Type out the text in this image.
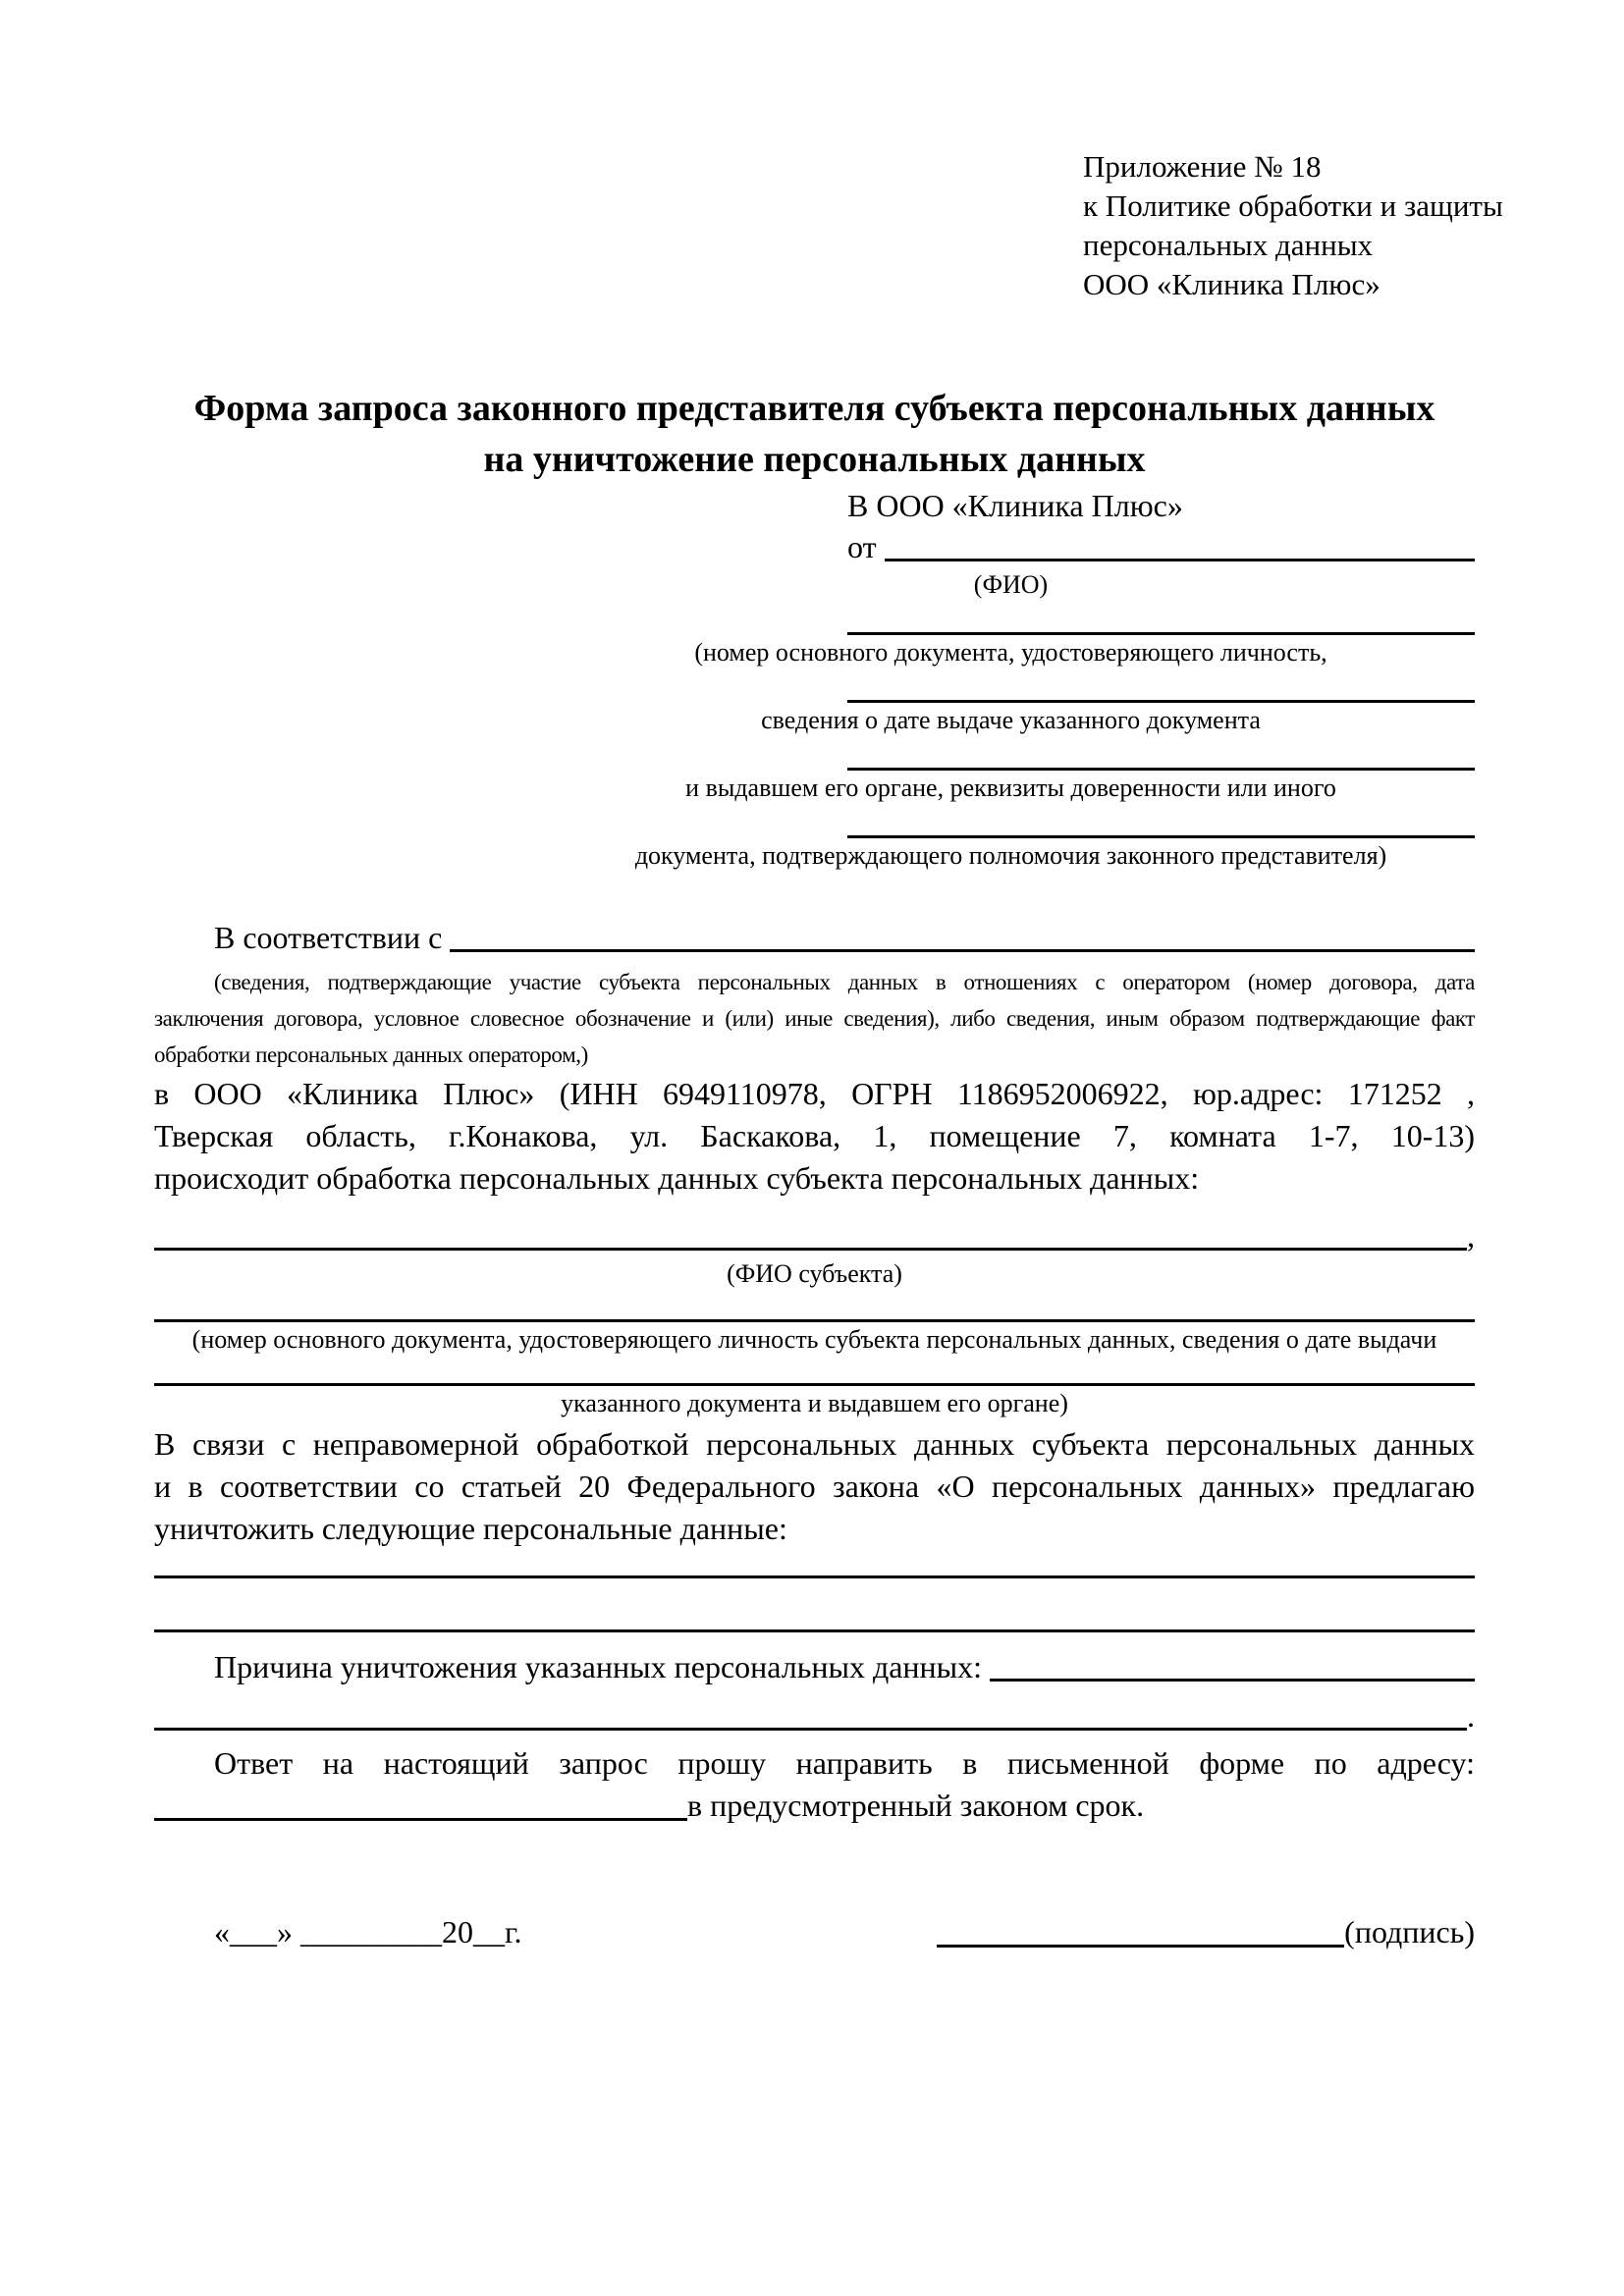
Приложение № 18
к Политике обработки и защиты
персональных данных
ООО «Клиника Плюс»
Форма запроса законного представителя субъекта персональных данных
на уничтожение персональных данных
В ООО «Клиника Плюс»
от

(ФИО)
(номер основного документа, удостоверяющего личность,
сведения о дате выдаче указанного документа
и выдавшем его органе, реквизиты доверенности или иного
документа, подтверждающего полномочия законного представителя)
В соответствии с

(сведения, подтверждающие участие субъекта персональных данных в отношениях с оператором (номер договора, дата
заключения договора, условное словесное обозначение и (или) иные сведения), либо сведения, иным образом подтверждающие факт
обработки персональных данных оператором,)
в ООО «Клиника Плюс» (ИНН 6949110978, ОГРН 1186952006922, юр.адрес: 171252 ,
Тверская область, г.Конакова, ул. Баскакова, 1, помещение 7, комната 1-7, 10-13)
происходит обработка персональных данных субъекта персональных данных:
,
(ФИО субъекта)
(номер основного документа, удостоверяющего личность субъекта персональных данных, сведения о дате выдачи
указанного документа и выдавшем его органе)
В связи с неправомерной обработкой персональных данных субъекта персональных данных
и в соответствии со статьей 20 Федерального закона «О персональных данных» предлагаю
уничтожить следующие персональные данные:
Причина уничтожения указанных персональных данных:

.
Ответ на настоящий запрос прошу направить в письменной форме по адресу:
в предусмотренный законом срок.
«___» _________20__г.	(подпись)
